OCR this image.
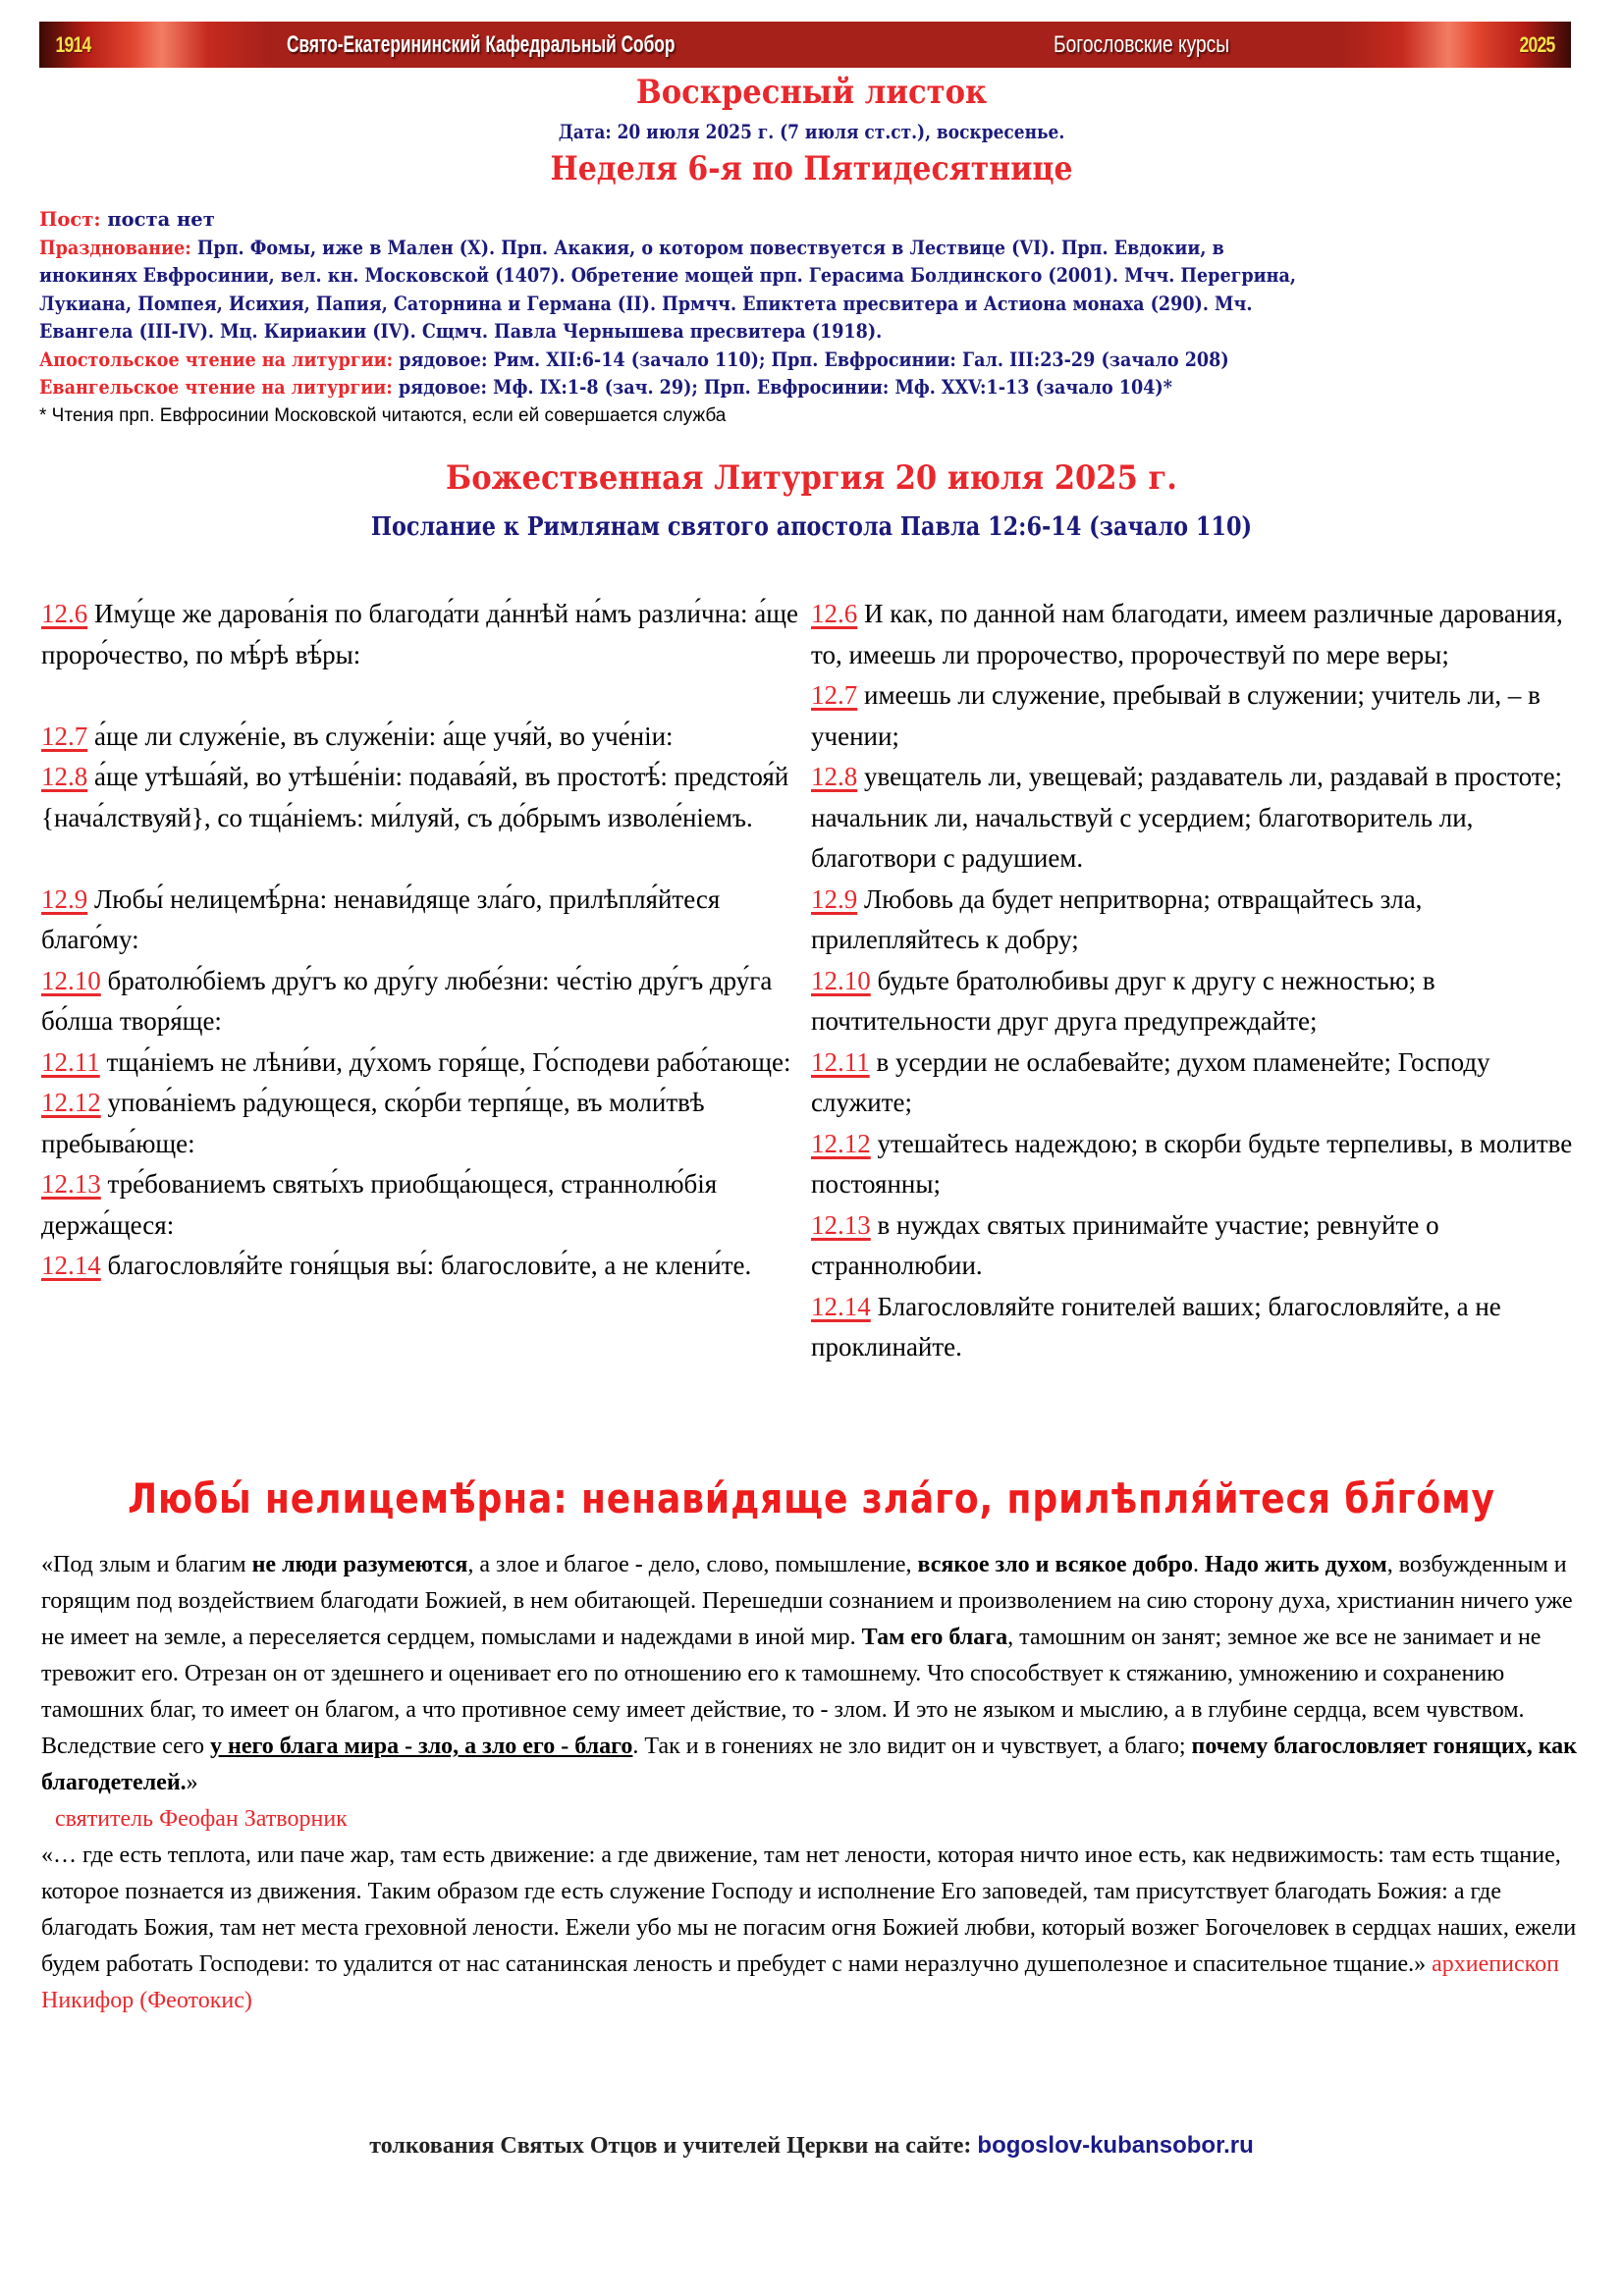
1914	Свято-Екатерининский Кафедральный Собор	Богословские курсы	2025
Воскресный листок
Дата: 20 июля 2025 г. (7 июля ст.ст.), воскресенье.
Неделя 6-я по Пятидесятнице
Пост: поста нет
Празднование: Прп. Фомы, иже в Мален (X). Прп. Акакия, о котором повествуется в Лествице (VI). Прп. Евдокии, в
инокинях Евфросинии, вел. кн. Московской (1407). Обретение мощей прп. Герасима Болдинского (2001). Мчч. Перегрина,
Лукиана, Помпея, Исихия, Папия, Саторнина и Германа (II). Прмчч. Епиктета пресвитера и Астиона монаха (290). Мч.
Евангела (III-IV). Мц. Кириакии (IV). Сщмч. Павла Чернышева пресвитера (1918).
Апостольское чтение на литургии: рядовое: Рим. XII:6-14 (зачало 110); Прп. Евфросинии: Гал. III:23-29 (зачало 208)
Евангельское чтение на литургии: рядовое: Мф. IX:1-8 (зач. 29); Прп. Евфросинии: Мф. XXV:1-13 (зачало 104)*
* Чтения прп. Евфросинии Московской читаются, если ей совершается служба
Божественная Литургия 20 июля 2025 г.
Послание к Римлянам святого апостола Павла 12:6-14 (зачало 110)
12.6 Иму́ще же дарова́нія по благода́ти да́ннѣй на́мъ разли́чна: а́ще проро́чество, по мѣ́рѣ вѣ́ры:
12.7 а́ще ли служе́ніе, въ служе́ніи: а́ще учя́й, во уче́ніи:
12.8 а́ще утѣша́яй, во утѣше́ніи: подава́яй, въ простотѣ́: предстоя́й {нача́лствуяй}, со тща́ніемъ: ми́луяй, съ до́брымъ изволе́ніемъ.
12.9 Любы́ нелицемѣ́рна: ненави́дяще зла́го, прилѣпля́йтеся благо́му:
12.10 братолю́біемъ дру́гъ ко дру́гу любе́зни: че́стію дру́гъ дру́га бо́лша творя́ще:
12.11 тща́ніемъ не лѣни́ви, ду́хомъ горя́ще, Го́сподеви рабо́тающе:
12.12 упова́ніемъ ра́дующеся, ско́рби терпя́ще, въ моли́твѣ пребыва́юще:
12.13 тре́бованиемъ святы́хъ приобща́ющеся, страннолю́бія держа́щеся:
12.14 благословля́йте гоня́щыя вы́: благослови́те, а не клени́те.
12.6 И как, по данной нам благодати, имеем различные дарования, то, имеешь ли пророчество, пророчествуй по мере веры;
12.7 имеешь ли служение, пребывай в служении; учитель ли, – в учении;
12.8 увещатель ли, увещевай; раздаватель ли, раздавай в простоте; начальник ли, начальствуй с усердием; благотворитель ли, благотвори с радушием.
12.9 Любовь да будет непритворна; отвращайтесь зла, прилепляйтесь к добру;
12.10 будьте братолюбивы друг к другу с нежностью; в почтительности друг друга предупреждайте;
12.11 в усердии не ослабевайте; духом пламенейте; Господу служите;
12.12 утешайтесь надеждою; в скорби будьте терпеливы, в молитве постоянны;
12.13 в нуждах святых принимайте участие; ревнуйте о страннолюбии.
12.14 Благословляйте гонителей ваших; благословляйте, а не проклинайте.
Любы́ нелицемѣ́рна: ненави́дяще зла́го, прилѣпля́йтеся бл҃го́му

«Под злым и благим не люди разумеются, а злое и благое - дело, слово, помышление, всякое зло и всякое добро. Надо жить духом, возбужденным и горящим под воздействием благодати Божией, в нем обитающей. Перешедши сознанием и произволением на сию сторону духа, христианин ничего уже не имеет на земле, а переселяется сердцем, помыслами и надеждами в иной мир. Там его блага, тамошним он занят; земное же все не занимает и не тревожит его. Отрезан он от здешнего и оценивает его по отношению его к тамошнему. Что способствует к стяжанию, умножению и сохранению тамошних благ, то имеет он благом, а что противное сему имеет действие, то - злом. И это не языком и мыслию, а в глубине сердца, всем чувством. Вследствие сего у него блага мира - зло, а зло его - благо. Так и в гонениях не зло видит он и чувствует, а благо; почему благословляет гонящих, как благодетелей.»

святитель Феофан Затворник

«… где есть теплота, или паче жар, там есть движение: а где движение, там нет лености, которая ничто иное есть, как недвижимость: там есть тщание, которое познается из движения. Таким образом где есть служение Господу и исполнение Его заповедей, там присутствует благодать Божия: а где благодать Божия, там нет места греховной лености. Ежели убо мы не погасим огня Божией любви, который возжег Богочеловек в сердцах наших, ежели будем работать Господеви: то удалится от нас сатанинская леность и пребудет с нами неразлучно душеполезное и спасительное тщание.» архиепископ Никифор (Феотокис)

толкования Святых Отцов и учителей Церкви на сайте: bogoslov-kubansobor.ru
